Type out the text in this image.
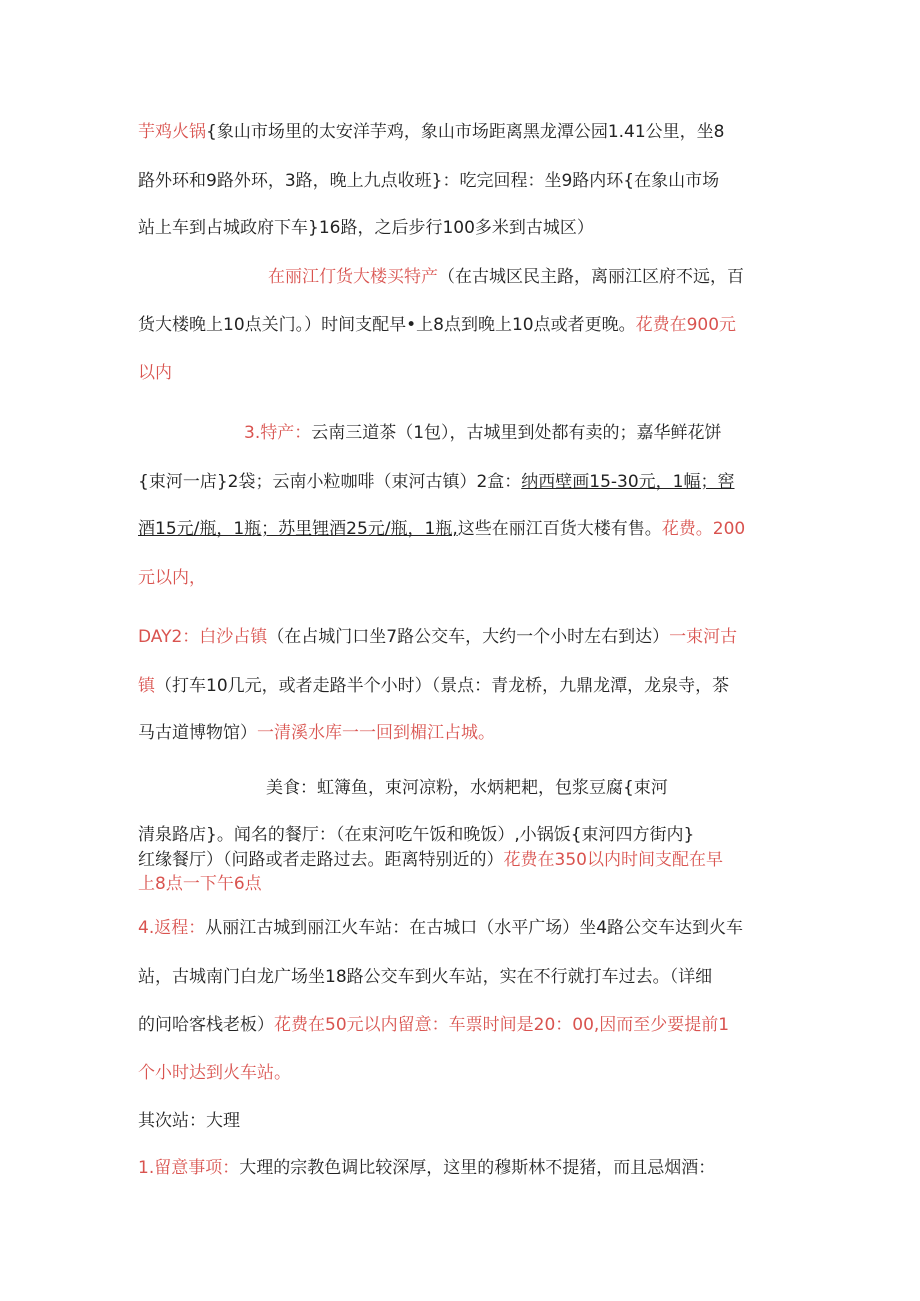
芋鸡火锅{象山市场里的太安洋芋鸡，象山市场距离黑龙潭公园1.41公里，坐8
路外环和9路外环，3路，晚上九点收班}：吃完回程：坐9路内环{在象山市场
站上车到占城政府下车}16路，之后步行100多米到古城区）
在丽江仃货大楼买特产（在古城区民主路，离丽江区府不远，百
货大楼晚上10点关门。）时间支配早•上8点到晚上10点或者更晚。花费在900元
以内
3.特产：云南三道茶（1包），古城里到处都有卖的；嘉华鲜花饼
{束河一店}2袋；云南小粒咖啡（束河古镇）2盒：纳西壁画15-30元，1幅；窖
酒15元/瓶，1瓶；苏里锂酒25元/瓶，1瓶,这些在丽江百货大楼有售。花费。200
元以内，
DAY2：白沙占镇（在占城门口坐7路公交车，大约一个小时左右到达）一束河古
镇（打车10几元，或者走路半个小时）（景点：青龙桥，九鼎龙潭，龙泉寺，茶
马古道博物馆）一清溪水库一一回到楣江占城。
美食：虹簿鱼，束河凉粉，水炳耙耙，包浆豆腐{束河
清泉路店}。闻名的餐厅：（在束河吃午饭和晚饭）,小锅饭{束河四方街内}
红缘餐厅）（问路或者走路过去。距离特别近的）花费在350以内时间支配在早
上8点一下午6点
4.返程：从丽江古城到丽江火车站：在古城口（水平广场）坐4路公交车达到火车
站，古城南门白龙广场坐18路公交车到火车站，实在不行就打车过去。（详细
的问哈客栈老板）花费在50元以内留意：车票时间是20：00,因而至少要提前1
个小时达到火车站。
其次站：大理
1.留意事项：大理的宗教色调比较深厚，这里的穆斯林不提猪，而且忌烟酒：
